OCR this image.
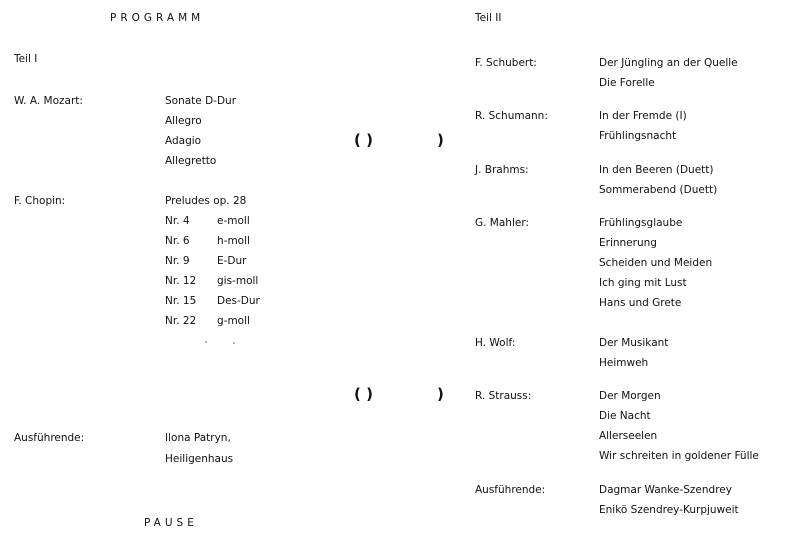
PROGRAMM
Teil I
W. A. Mozart:	Sonate D-Dur
Allegro
Adagio
Allegretto
F. Chopin:	Preludes op. 28
Nr. 4	e-moll
Nr. 6	h-moll
Nr. 9	E-Dur
Nr. 12 gis-moll
Nr. 15 Des-Dur
Nr. 22 g-moll
Ausführende:	Ilona Patryn,
Heiligenhaus
PAUSE
( )	)
( )	)
Teil II
F. Schubert:	Der Jüngling an der Quelle
Die Forelle
R. Schumann:	In der Fremde (I)
Frühlingsnacht
J. Brahms:	In den Beeren (Duett)
Sommerabend (Duett)
G. Mahler:	Frühlingsglaube
Erinnerung
Scheiden und Meiden
Ich ging mit Lust
Hans und Grete
H. Wolf:	Der Musikant
Heimweh
R. Strauss:	Der Morgen
Die Nacht
Allerseelen
Wir schreiten in goldener Fülle
Ausführende:	Dagmar Wanke-Szendrey
Enikö Szendrey-Kurpjuweit
